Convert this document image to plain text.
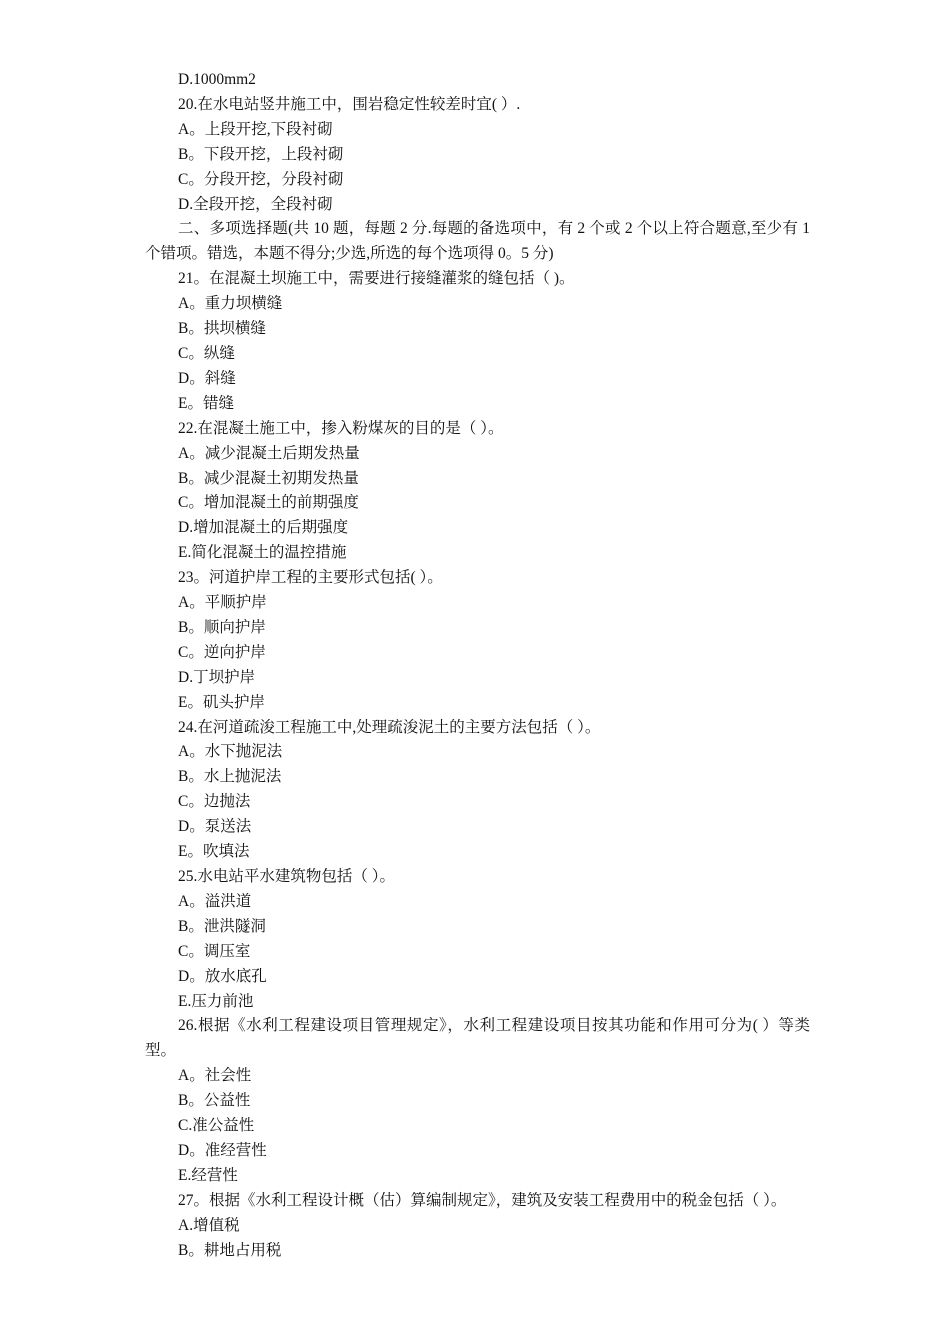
D.1000mm2
20.在水电站竖井施工中，围岩稳定性较差时宜( ）.
A。上段开挖,下段衬砌
B。下段开挖，上段衬砌
C。分段开挖，分段衬砌
D.全段开挖，全段衬砌
二、多项选择题(共 10 题，每题 2 分.每题的备选项中，有 2 个或 2 个以上符合题意,至少有 1 个错项。错选，本题不得分;少选,所选的每个选项得 0。5 分)
21。在混凝土坝施工中，需要进行接缝灌浆的缝包括（ )。
A。重力坝横缝
B。拱坝横缝
C。纵缝
D。斜缝
E。错缝
22.在混凝土施工中，掺入粉煤灰的目的是（ ）。
A。减少混凝土后期发热量
B。减少混凝土初期发热量
C。增加混凝土的前期强度
D.增加混凝土的后期强度
E.简化混凝土的温控措施
23。河道护岸工程的主要形式包括( ）。
A。平顺护岸
B。顺向护岸
C。逆向护岸
D.丁坝护岸
E。矶头护岸
24.在河道疏浚工程施工中,处理疏浚泥土的主要方法包括（ ）。
A。水下抛泥法
B。水上抛泥法
C。边抛法
D。泵送法
E。吹填法
25.水电站平水建筑物包括（ ）。
A。溢洪道
B。泄洪隧洞
C。调压室
D。放水底孔
E.压力前池
26.根据《水利工程建设项目管理规定》，水利工程建设项目按其功能和作用可分为( ）等类型。
A。社会性
B。公益性
C.准公益性
D。准经营性
E.经营性
27。根据《水利工程设计概（估）算编制规定》，建筑及安装工程费用中的税金包括（ ）。
A.增值税
B。耕地占用税
